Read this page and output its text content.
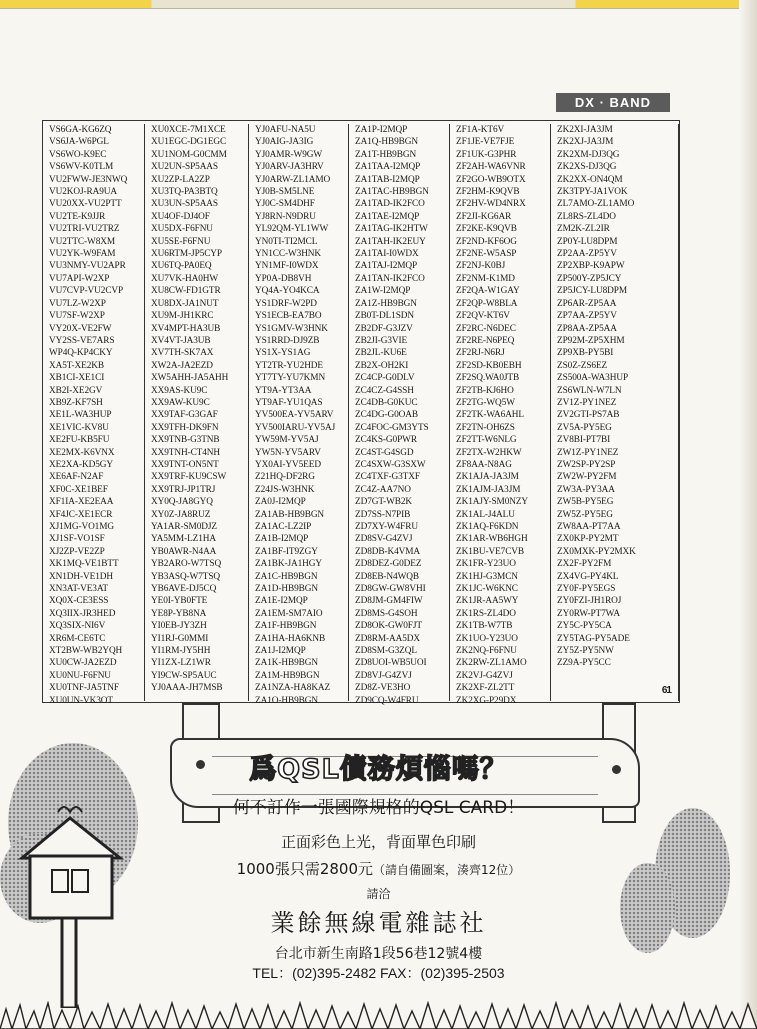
DX · BAND
VS6GA-KG6ZQ
VS6JA-W6PGL
VS6WO-K9EC
VS6WV-K0TLM
VU2FWW-JE3NWQ
VU2KOJ-RA9UA
VU20XX-VU2PTT
VU2TE-K9JJR
VU2TRI-VU2TRZ
VU2TTC-W8XM
VU2YK-W9FAM
VU3NMY-VU2APR
VU7API-W2XP
VU7CVP-VU2CVP
VU7LZ-W2XP
VU7SF-W2XP
VY20X-VE2FW
VY2SS-VE7ARS
WP4Q-KP4CKY
XA5T-XE2KB
XB1CI-XE1CI
XB2I-XE2GV
XB9Z-KF7SH
XE1L-WA3HUP
XE1VIC-KV8U
XE2FU-KB5FU
XE2MX-K6VNX
XE2XA-KD5GY
XE6AF-N2AF
XF0C-XE1BEF
XF1IA-XE2EAA
XF4JC-XE1ECR
XJ1MG-VO1MG
XJ1SF-VO1SF
XJ2ZP-VE2ZP
XK1MQ-VE1BTT
XN1DH-VE1DH
XN3AT-VE3AT
XQ0X-CE3ESS
XQ3IIX-JR3HED
XQ3SIX-NI6V
XR6M-CE6TC
XT2BW-WB2YQH
XU0CW-JA2EZD
XU0NU-F6FNU
XU0TNF-JA5TNF
XU0UN-VK3OT
XU0XCE-7M1XCE
XU1EGC-DG1EGC
XU1NOM-G0CMM
XU2UN-SP5AAS
XU2ZP-LA2ZP
XU3TQ-PA3BTQ
XU3UN-SP5AAS
XU4OF-DJ4OF
XU5DX-F6FNU
XU5SE-F6FNU
XU6RTM-JP5CYP
XU6TQ-PA0EQ
XU7VK-HA0HW
XU8CW-FD1GTR
XU8DX-JA1NUT
XU9M-JH1KRC
XV4MPT-HA3UB
XV4VT-JA3UB
XV7TH-SK7AX
XW2A-JA2EZD
XW5AHH-JA5AHH
XX9AS-KU9C
XX9AW-KU9C
XX9TAF-G3GAF
XX9TFH-DK9FN
XX9TNB-G3TNB
XX9TNH-CT4NH
XX9TNT-ON5NT
XX9TRF-KU9CSW
XX9TRJ-JP1TRJ
XY0Q-JA8GYQ
XY0Z-JA8RUZ
YA1AR-SM0DJZ
YA5MM-LZ1HA
YB0AWR-N4AA
YB2ARO-W7TSQ
YB3ASQ-W7TSQ
YB6AVE-DJ5CQ
YE0I-YB0FTE
YE8P-YB8NA
YI0EB-JY3ZH
YI1RJ-G0MMI
YI1RM-JY5HH
YI1ZX-LZ1WR
YI9CW-SP5AUC
YJ0AAA-JH7MSB
YJ0AFU-NA5U
YJ0AIG-JA3IG
YJ0AMR-W9GW
YJ0ARV-JA3HRV
YJ0ARW-ZL1AMO
YJ0B-SM5LNE
YJ0C-SM4DHF
YJ8RN-N9DRU
YL92QM-YL1WW
YN0TI-TI2MCL
YN1CC-W3HNK
YN1MF-I0WDX
YP0A-DB8VH
YQ4A-YO4KCA
YS1DRF-W2PD
YS1ECB-EA7BO
YS1GMV-W3HNK
YS1RRD-DJ9ZB
YS1X-YS1AG
YT2TR-YU2HDE
YT7TY-YU7KMN
YT9A-YT3AA
YT9AF-YU1QAS
YV500EA-YV5ARV
YV500IARU-YV5AJ
YW59M-YV5AJ
YW5N-YV5ARV
YX0AI-YV5EED
Z21HQ-DF2RG
Z24JS-W3HNK
ZA0J-I2MQP
ZA1AB-HB9BGN
ZA1AC-LZ2IP
ZA1B-I2MQP
ZA1BF-IT9ZGY
ZA1BK-JA1HGY
ZA1C-HB9BGN
ZA1D-HB9BGN
ZA1E-I2MQP
ZA1EM-SM7AIO
ZA1F-HB9BGN
ZA1HA-HA6KNB
ZA1J-I2MQP
ZA1K-HB9BGN
ZA1M-HB9BGN
ZA1NZA-HA8KAZ
ZA1O-HB9BGN
ZA1P-I2MQP
ZA1Q-HB9BGN
ZA1T-HB9BGN
ZA1TAA-I2MQP
ZA1TAB-I2MQP
ZA1TAC-HB9BGN
ZA1TAD-IK2FCO
ZA1TAE-I2MQP
ZA1TAG-IK2HTW
ZA1TAH-IK2EUY
ZA1TAI-I0WDX
ZA1TAJ-I2MQP
ZA1TAN-IK2FCO
ZA1W-I2MQP
ZA1Z-HB9BGN
ZB0T-DL1SDN
ZB2DF-G3JZV
ZB2JI-G3VIE
ZB2JL-KU6E
ZB2X-OH2KI
ZC4CP-G0DLV
ZC4CZ-G4SSH
ZC4DB-G0KUC
ZC4DG-G0OAB
ZC4FOC-GM3YTS
ZC4KS-G0PWR
ZC4ST-G4SGD
ZC4SXW-G3SXW
ZC4TXF-G3TXF
ZC4Z-AA7NO
ZD7GT-WB2K
ZD7SS-N7PIB
ZD7XY-W4FRU
ZD8SV-G4ZVJ
ZD8DB-K4VMA
ZD8DEZ-G0DEZ
ZD8EB-N4WQB
ZD8GW-GW8VHI
ZD8JM-GM4FIW
ZD8MS-G4SOH
ZD8OK-GW0FJT
ZD8RM-AA5DX
ZD8SM-G3ZQL
ZD8UOI-WB5UOI
ZD8VJ-G4ZVJ
ZD8Z-VE3HO
ZD9CQ-W4FRU
ZF1A-KT6V
ZF1JE-VE7FJE
ZF1UK-G3PHR
ZF2AH-WA6VNR
ZF2GO-WB9OTX
ZF2HM-K9QVB
ZF2HV-WD4NRX
ZF2JI-KG6AR
ZF2KE-K9QVB
ZF2ND-KF6OG
ZF2NE-W5ASP
ZF2NJ-K0BJ
ZF2NM-K1MD
ZF2QA-W1GAY
ZF2QP-W8BLA
ZF2QV-KT6V
ZF2RC-N6DEC
ZF2RE-N6PEQ
ZF2RJ-N6RJ
ZF2SD-KB0EBH
ZF2SQ.WA0JTB
ZF2TB-KJ6HO
ZF2TG-WQ5W
ZF2TK-WA6AHL
ZF2TN-OH6ZS
ZF2TT-W6NLG
ZF2TX-W2HKW
ZF8AA-N8AG
ZK1AJA-JA3JM
ZK1AJM-JA3JM
ZK1AJY-SM0NZY
ZK1AL-J4ALU
ZK1AQ-F6KDN
ZK1AR-WB6HGH
ZK1BU-VE7CVB
ZK1FR-Y23UO
ZK1HJ-G3MCN
ZK1JC-W6KNC
ZK1JR-AA5WY
ZK1RS-ZL4DO
ZK1TB-W7TB
ZK1UO-Y23UO
ZK2NQ-F6FNU
ZK2RW-ZL1AMO
ZK2VJ-G4ZVJ
ZK2XF-ZL2TT
ZK2XG-P29DX
ZK2XI-JA3JM
ZK2XJ-JA3JM
ZK2XM-DJ3QG
ZK2XS-DJ3QG
ZK2XX-ON4QM
ZK3TPY-JA1VOK
ZL7AMO-ZL1AMO
ZL8RS-ZL4DO
ZM2K-ZL2IR
ZP0Y-LU8DPM
ZP2AA-ZP5YV
ZP2XBP-K9APW
ZP500Y-ZP5JCY
ZP5JCY-LU8DPM
ZP6AR-ZP5AA
ZP7AA-ZP5YV
ZP8AA-ZP5AA
ZP92M-ZP5XHM
ZP9XB-PY5BI
ZS0Z-ZS6EZ
ZS500A-WA3HUP
ZS6WLN-W7LN
ZV1Z-PY1NEZ
ZV2GTI-PS7AB
ZV5A-PY5EG
ZV8BI-PT7BI
ZW1Z-PY1NEZ
ZW2SP-PY2SP
ZW2W-PY2FM
ZW3A-PY3AA
ZW5B-PY5EG
ZW5Z-PY5EG
ZW8AA-PT7AA
ZX0KP-PY2MT
ZX0MXK-PY2MXK
ZX2F-PY2FM
ZX4VG-PY4KL
ZY0F-PY5EGS
ZY0FZI-JH1ROJ
ZY0RW-PT7WA
ZY5C-PY5CA
ZY5TAG-PY5ADE
ZY5Z-PY5NW
ZZ9A-PY5CC
61
爲QSL債務煩惱嗎？
何不訂作一張國際規格的QSL CARD！
正面彩色上光，背面單色印刷
1000張只需2800元（請自備圖案，湊齊12位）
請洽
業餘無線電雜誌社
台北市新生南路1段56巷12號4樓
TEL：(02)395-2482 FAX：(02)395-2503
